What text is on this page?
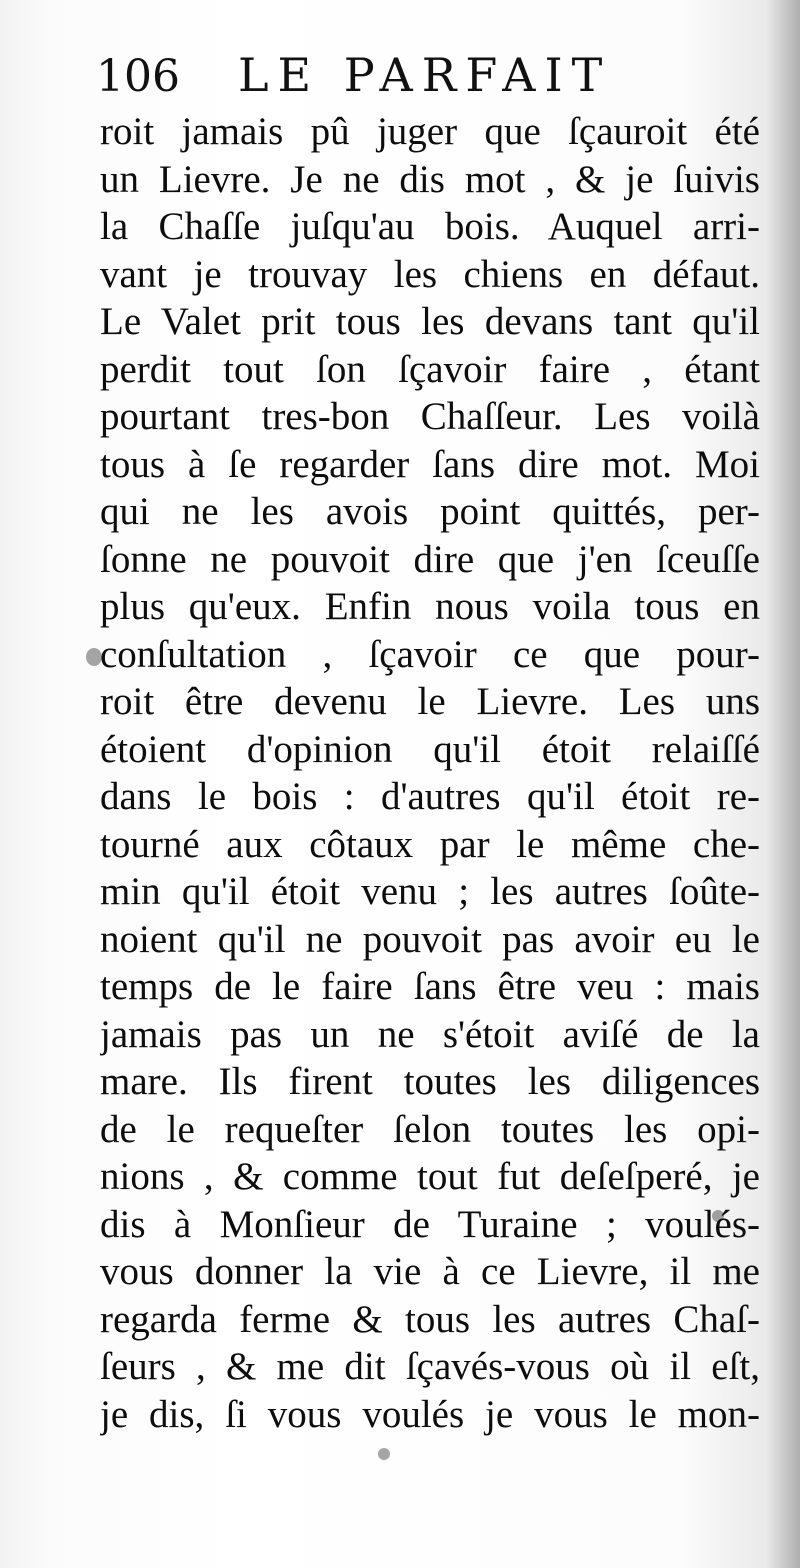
106 LE PARFAIT
roit jamais pû juger que ſçauroit été
un Lievre. Je ne dis mot , & je ſuivis
la Chaſſe juſqu'au bois. Auquel arri-
vant je trouvay les chiens en défaut.
Le Valet prit tous les devans tant qu'il
perdit tout ſon ſçavoir faire , étant
pourtant tres-bon Chaſſeur. Les voilà
tous à ſe regarder ſans dire mot. Moi
qui ne les avois point quittés, per-
ſonne ne pouvoit dire que j'en ſceuſſe
plus qu'eux. Enfin nous voila tous en
conſultation , ſçavoir ce que pour-
roit être devenu le Lievre. Les uns
étoient d'opinion qu'il étoit relaiſſé
dans le bois : d'autres qu'il étoit re-
tourné aux côtaux par le même che-
min qu'il étoit venu ; les autres ſoûte-
noient qu'il ne pouvoit pas avoir eu le
temps de le faire ſans être veu : mais
jamais pas un ne s'étoit aviſé de la
mare. Ils firent toutes les diligences
de le requeſter ſelon toutes les opi-
nions , & comme tout fut deſeſperé, je
dis à Monſieur de Turaine ; voulés-
vous donner la vie à ce Lievre, il me
regarda ferme & tous les autres Chaſ-
ſeurs , & me dit ſçavés-vous où il eſt,
je dis, ſi vous voulés je vous le mon-
